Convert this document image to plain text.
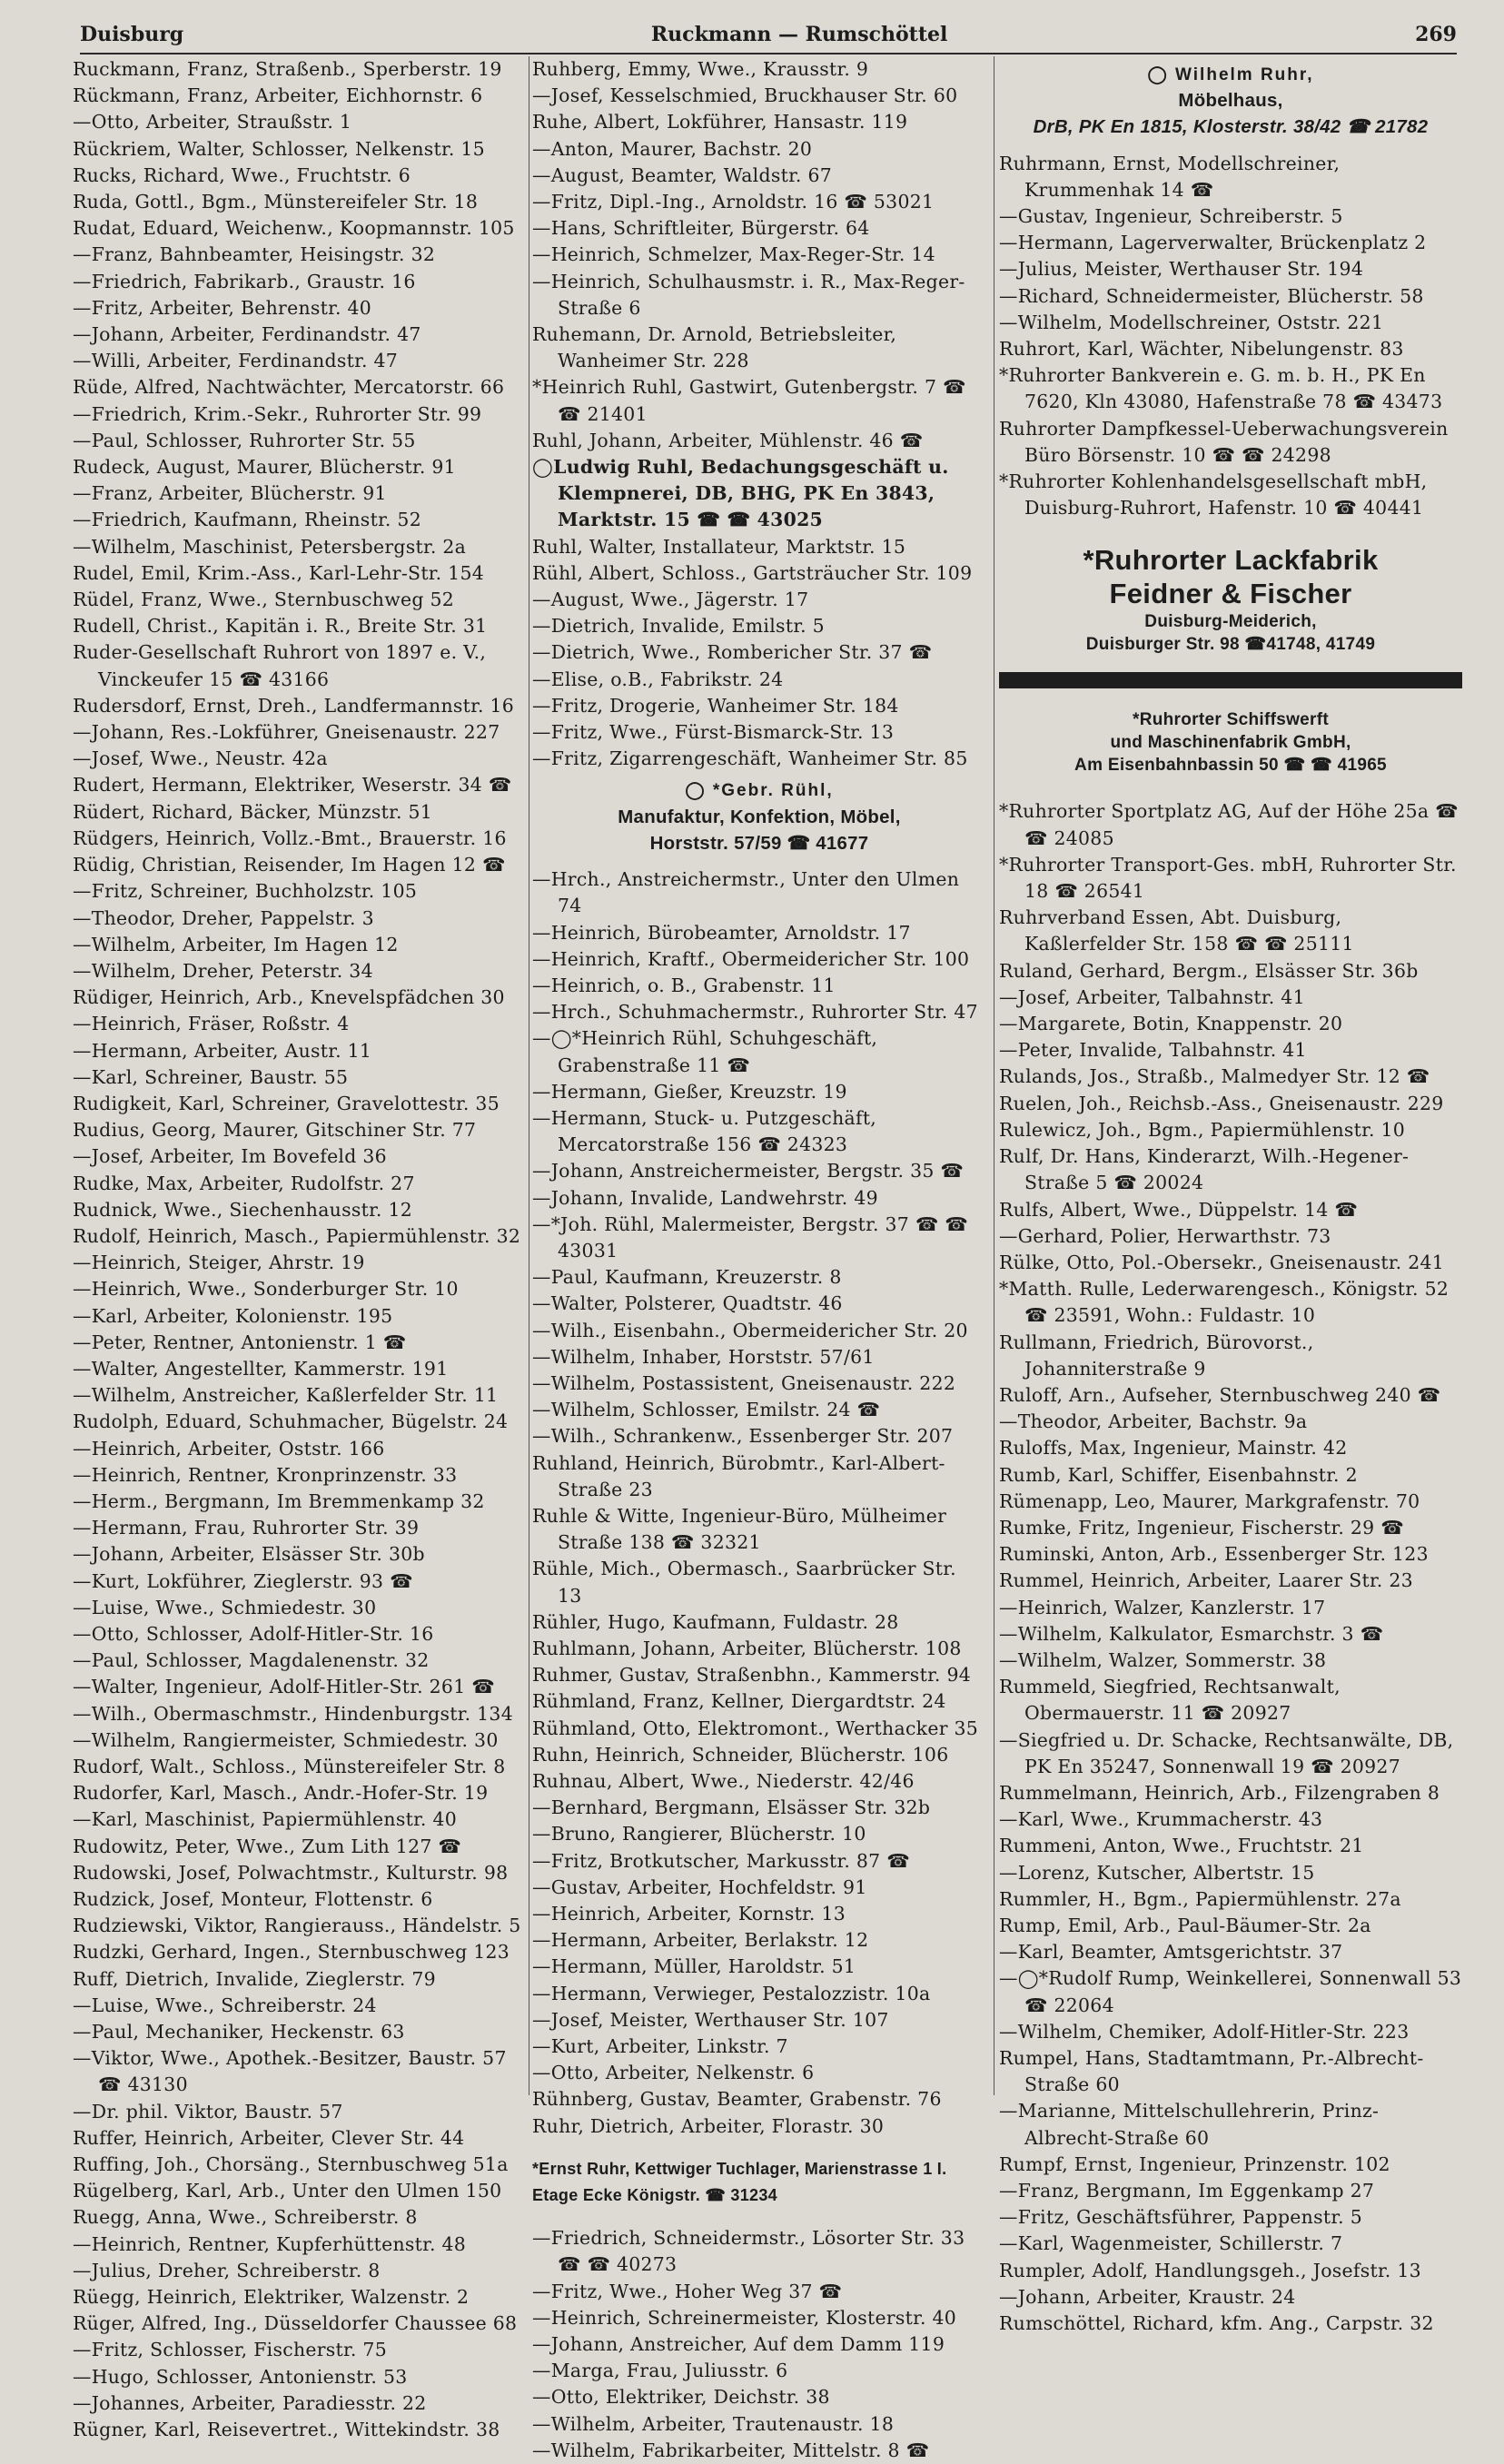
Duisburg	Ruckmann — Rumschöttel	269

Ruckmann, Franz, Straßenb., Sperberstr. 19

Rückmann, Franz, Arbeiter, Eichhornstr. 6

—Otto, Arbeiter, Straußstr. 1

Rückriem, Walter, Schlosser, Nelkenstr. 15

Rucks, Richard, Wwe., Fruchtstr. 6

Ruda, Gottl., Bgm., Münstereifeler Str. 18

Rudat, Eduard, Weichenw., Koopmannstr. 105

—Franz, Bahnbeamter, Heisingstr. 32

—Friedrich, Fabrikarb., Graustr. 16

—Fritz, Arbeiter, Behrenstr. 40

—Johann, Arbeiter, Ferdinandstr. 47

—Willi, Arbeiter, Ferdinandstr. 47

Rüde, Alfred, Nachtwächter, Mercatorstr. 66

—Friedrich, Krim.-Sekr., Ruhrorter Str. 99

—Paul, Schlosser, Ruhrorter Str. 55

Rudeck, August, Maurer, Blücherstr. 91

—Franz, Arbeiter, Blücherstr. 91

—Friedrich, Kaufmann, Rheinstr. 52

—Wilhelm, Maschinist, Petersbergstr. 2a

Rudel, Emil, Krim.-Ass., Karl-Lehr-Str. 154

Rüdel, Franz, Wwe., Sternbuschweg 52

Rudell, Christ., Kapitän i. R., Breite Str. 31

Ruder-Gesellschaft Ruhrort von 1897 e. V., Vinckeufer 15 ☎ 43166

Rudersdorf, Ernst, Dreh., Landfermannstr. 16

—Johann, Res.-Lokführer, Gneisenaustr. 227

—Josef, Wwe., Neustr. 42a

Rudert, Hermann, Elektriker, Weserstr. 34 ☎

Rüdert, Richard, Bäcker, Münzstr. 51

Rüdgers, Heinrich, Vollz.-Bmt., Brauerstr. 16

Rüdig, Christian, Reisender, Im Hagen 12 ☎

—Fritz, Schreiner, Buchholzstr. 105

—Theodor, Dreher, Pappelstr. 3

—Wilhelm, Arbeiter, Im Hagen 12

—Wilhelm, Dreher, Peterstr. 34

Rüdiger, Heinrich, Arb., Knevelspfädchen 30

—Heinrich, Fräser, Roßstr. 4

—Hermann, Arbeiter, Austr. 11

—Karl, Schreiner, Baustr. 55

Rudigkeit, Karl, Schreiner, Gravelottestr. 35

Rudius, Georg, Maurer, Gitschiner Str. 77

—Josef, Arbeiter, Im Bovefeld 36

Rudke, Max, Arbeiter, Rudolfstr. 27

Rudnick, Wwe., Siechenhausstr. 12

Rudolf, Heinrich, Masch., Papiermühlenstr. 32

—Heinrich, Steiger, Ahrstr. 19

—Heinrich, Wwe., Sonderburger Str. 10

—Karl, Arbeiter, Kolonienstr. 195

—Peter, Rentner, Antonienstr. 1 ☎

—Walter, Angestellter, Kammerstr. 191

—Wilhelm, Anstreicher, Kaßlerfelder Str. 11

Rudolph, Eduard, Schuhmacher, Bügelstr. 24

—Heinrich, Arbeiter, Oststr. 166

—Heinrich, Rentner, Kronprinzenstr. 33

—Herm., Bergmann, Im Bremmenkamp 32

—Hermann, Frau, Ruhrorter Str. 39

—Johann, Arbeiter, Elsässer Str. 30b

—Kurt, Lokführer, Zieglerstr. 93 ☎

—Luise, Wwe., Schmiedestr. 30

—Otto, Schlosser, Adolf-Hitler-Str. 16

—Paul, Schlosser, Magdalenenstr. 32

—Walter, Ingenieur, Adolf-Hitler-Str. 261 ☎

—Wilh., Obermaschmstr., Hindenburgstr. 134

—Wilhelm, Rangiermeister, Schmiedestr. 30

Rudorf, Walt., Schloss., Münstereifeler Str. 8

Rudorfer, Karl, Masch., Andr.-Hofer-Str. 19

—Karl, Maschinist, Papiermühlenstr. 40

Rudowitz, Peter, Wwe., Zum Lith 127 ☎

Rudowski, Josef, Polwachtmstr., Kulturstr. 98

Rudzick, Josef, Monteur, Flottenstr. 6

Rudziewski, Viktor, Rangierauss., Händelstr. 5

Rudzki, Gerhard, Ingen., Sternbuschweg 123

Ruff, Dietrich, Invalide, Zieglerstr. 79

—Luise, Wwe., Schreiberstr. 24

—Paul, Mechaniker, Heckenstr. 63

—Viktor, Wwe., Apothek.-Besitzer, Baustr. 57 ☎ 43130

—Dr. phil. Viktor, Baustr. 57

Ruffer, Heinrich, Arbeiter, Clever Str. 44

Ruffing, Joh., Chorsäng., Sternbuschweg 51a

Rügelberg, Karl, Arb., Unter den Ulmen 150

Ruegg, Anna, Wwe., Schreiberstr. 8

—Heinrich, Rentner, Kupferhüttenstr. 48

—Julius, Dreher, Schreiberstr. 8

Rüegg, Heinrich, Elektriker, Walzenstr. 2

Rüger, Alfred, Ing., Düsseldorfer Chaussee 68

—Fritz, Schlosser, Fischerstr. 75

—Hugo, Schlosser, Antonienstr. 53

—Johannes, Arbeiter, Paradiesstr. 22

Rügner, Karl, Reisevertret., Wittekindstr. 38

Ruhberg, Emmy, Wwe., Krausstr. 9

—Josef, Kesselschmied, Bruckhauser Str. 60

Ruhe, Albert, Lokführer, Hansastr. 119

—Anton, Maurer, Bachstr. 20

—August, Beamter, Waldstr. 67

—Fritz, Dipl.-Ing., Arnoldstr. 16 ☎ 53021

—Hans, Schriftleiter, Bürgerstr. 64

—Heinrich, Schmelzer, Max-Reger-Str. 14

—Heinrich, Schulhausmstr. i. R., Max-Reger-Straße 6

Ruhemann, Dr. Arnold, Betriebsleiter, Wanheimer Str. 228

*Heinrich Ruhl, Gastwirt, Gutenbergstr. 7 ☎ ☎ 21401

Ruhl, Johann, Arbeiter, Mühlenstr. 46 ☎

◯Ludwig Ruhl, Bedachungsgeschäft u. Klempnerei, DB, BHG, PK En 3843, Marktstr. 15 ☎ ☎ 43025

Ruhl, Walter, Installateur, Marktstr. 15

Rühl, Albert, Schloss., Gartsträucher Str. 109

—August, Wwe., Jägerstr. 17

—Dietrich, Invalide, Emilstr. 5

—Dietrich, Wwe., Rombericher Str. 37 ☎

—Elise, o.B., Fabrikstr. 24

—Fritz, Drogerie, Wanheimer Str. 184

—Fritz, Wwe., Fürst-Bismarck-Str. 13

—Fritz, Zigarrengeschäft, Wanheimer Str. 85

◯ *Gebr. Rühl,

Manufaktur, Konfektion, Möbel,

Horststr. 57/59 ☎ 41677

—Hrch., Anstreichermstr., Unter den Ulmen 74

—Heinrich, Bürobeamter, Arnoldstr. 17

—Heinrich, Kraftf., Obermeidericher Str. 100

—Heinrich, o. B., Grabenstr. 11

—Hrch., Schuhmachermstr., Ruhrorter Str. 47

—◯*Heinrich Rühl, Schuhgeschäft, Grabenstraße 11 ☎

—Hermann, Gießer, Kreuzstr. 19

—Hermann, Stuck- u. Putzgeschäft, Mercatorstraße 156 ☎ 24323

—Johann, Anstreichermeister, Bergstr. 35 ☎

—Johann, Invalide, Landwehrstr. 49

—*Joh. Rühl, Malermeister, Bergstr. 37 ☎ ☎ 43031

—Paul, Kaufmann, Kreuzerstr. 8

—Walter, Polsterer, Quadtstr. 46

—Wilh., Eisenbahn., Obermeidericher Str. 20

—Wilhelm, Inhaber, Horststr. 57/61

—Wilhelm, Postassistent, Gneisenaustr. 222

—Wilhelm, Schlosser, Emilstr. 24 ☎

—Wilh., Schrankenw., Essenberger Str. 207

Ruhland, Heinrich, Bürobmtr., Karl-Albert-Straße 23

Ruhle & Witte, Ingenieur-Büro, Mülheimer Straße 138 ☎ 32321

Rühle, Mich., Obermasch., Saarbrücker Str. 13

Rühler, Hugo, Kaufmann, Fuldastr. 28

Ruhlmann, Johann, Arbeiter, Blücherstr. 108

Ruhmer, Gustav, Straßenbhn., Kammerstr. 94

Rühmland, Franz, Kellner, Diergardtstr. 24

Rühmland, Otto, Elektromont., Werthacker 35

Ruhn, Heinrich, Schneider, Blücherstr. 106

Ruhnau, Albert, Wwe., Niederstr. 42/46

—Bernhard, Bergmann, Elsässer Str. 32b

—Bruno, Rangierer, Blücherstr. 10

—Fritz, Brotkutscher, Markusstr. 87 ☎

—Gustav, Arbeiter, Hochfeldstr. 91

—Heinrich, Arbeiter, Kornstr. 13

—Hermann, Arbeiter, Berlakstr. 12

—Hermann, Müller, Haroldstr. 51

—Hermann, Verwieger, Pestalozzistr. 10a

—Josef, Meister, Werthauser Str. 107

—Kurt, Arbeiter, Linkstr. 7

—Otto, Arbeiter, Nelkenstr. 6

Rühnberg, Gustav, Beamter, Grabenstr. 76

Ruhr, Dietrich, Arbeiter, Florastr. 30

*Ernst Ruhr, Kettwiger Tuchlager, Marienstrasse 1 I. Etage Ecke Königstr. ☎ 31234

—Friedrich, Schneidermstr., Lösorter Str. 33 ☎ ☎ 40273

—Fritz, Wwe., Hoher Weg 37 ☎

—Heinrich, Schreinermeister, Klosterstr. 40

—Johann, Anstreicher, Auf dem Damm 119

—Marga, Frau, Juliusstr. 6

—Otto, Elektriker, Deichstr. 38

—Wilhelm, Arbeiter, Trautenaustr. 18

—Wilhelm, Fabrikarbeiter, Mittelstr. 8 ☎

◯ Wilhelm Ruhr,

Möbelhaus,

DrB, PK En 1815, Klosterstr. 38/42 ☎ 21782

Ruhrmann, Ernst, Modellschreiner, Krummenhak 14 ☎

—Gustav, Ingenieur, Schreiberstr. 5

—Hermann, Lagerverwalter, Brückenplatz 2

—Julius, Meister, Werthauser Str. 194

—Richard, Schneidermeister, Blücherstr. 58

—Wilhelm, Modellschreiner, Oststr. 221

Ruhrort, Karl, Wächter, Nibelungenstr. 83

*Ruhrorter Bankverein e. G. m. b. H., PK En 7620, Kln 43080, Hafenstraße 78 ☎ 43473

Ruhrorter Dampfkessel-Ueberwachungsverein Büro Börsenstr. 10 ☎ ☎ 24298

*Ruhrorter Kohlenhandelsgesellschaft mbH, Duisburg-Ruhrort, Hafenstr. 10 ☎ 40441

*Ruhrorter Lackfabrik

Feidner & Fischer

Duisburg-Meiderich,

Duisburger Str. 98 ☎41748, 41749

*Ruhrorter Schiffswerft

und Maschinenfabrik GmbH,

Am Eisenbahnbassin 50 ☎ ☎ 41965

*Ruhrorter Sportplatz AG, Auf der Höhe 25a ☎ ☎ 24085

*Ruhrorter Transport-Ges. mbH, Ruhrorter Str. 18 ☎ 26541

Ruhrverband Essen, Abt. Duisburg, Kaßlerfelder Str. 158 ☎ ☎ 25111

Ruland, Gerhard, Bergm., Elsässer Str. 36b

—Josef, Arbeiter, Talbahnstr. 41

—Margarete, Botin, Knappenstr. 20

—Peter, Invalide, Talbahnstr. 41

Rulands, Jos., Straßb., Malmedyer Str. 12 ☎

Ruelen, Joh., Reichsb.-Ass., Gneisenaustr. 229

Rulewicz, Joh., Bgm., Papiermühlenstr. 10

Rulf, Dr. Hans, Kinderarzt, Wilh.-Hegener-Straße 5 ☎ 20024

Rulfs, Albert, Wwe., Düppelstr. 14 ☎

—Gerhard, Polier, Herwarthstr. 73

Rülke, Otto, Pol.-Obersekr., Gneisenaustr. 241

*Matth. Rulle, Lederwarengesch., Königstr. 52 ☎ 23591, Wohn.: Fuldastr. 10

Rullmann, Friedrich, Bürovorst., Johanniterstraße 9

Ruloff, Arn., Aufseher, Sternbuschweg 240 ☎

—Theodor, Arbeiter, Bachstr. 9a

Ruloffs, Max, Ingenieur, Mainstr. 42

Rumb, Karl, Schiffer, Eisenbahnstr. 2

Rümenapp, Leo, Maurer, Markgrafenstr. 70

Rumke, Fritz, Ingenieur, Fischerstr. 29 ☎

Ruminski, Anton, Arb., Essenberger Str. 123

Rummel, Heinrich, Arbeiter, Laarer Str. 23

—Heinrich, Walzer, Kanzlerstr. 17

—Wilhelm, Kalkulator, Esmarchstr. 3 ☎

—Wilhelm, Walzer, Sommerstr. 38

Rummeld, Siegfried, Rechtsanwalt, Obermauerstr. 11 ☎ 20927

—Siegfried u. Dr. Schacke, Rechtsanwälte, DB, PK En 35247, Sonnenwall 19 ☎ 20927

Rummelmann, Heinrich, Arb., Filzengraben 8

—Karl, Wwe., Krummacherstr. 43

Rummeni, Anton, Wwe., Fruchtstr. 21

—Lorenz, Kutscher, Albertstr. 15

Rummler, H., Bgm., Papiermühlenstr. 27a

Rump, Emil, Arb., Paul-Bäumer-Str. 2a

—Karl, Beamter, Amtsgerichtstr. 37

—◯*Rudolf Rump, Weinkellerei, Sonnenwall 53 ☎ 22064

—Wilhelm, Chemiker, Adolf-Hitler-Str. 223

Rumpel, Hans, Stadtamtmann, Pr.-Albrecht-Straße 60

—Marianne, Mittelschullehrerin, Prinz-Albrecht-Straße 60

Rumpf, Ernst, Ingenieur, Prinzenstr. 102

—Franz, Bergmann, Im Eggenkamp 27

—Fritz, Geschäftsführer, Pappenstr. 5

—Karl, Wagenmeister, Schillerstr. 7

Rumpler, Adolf, Handlungsgeh., Josefstr. 13

—Johann, Arbeiter, Kraustr. 24

Rumschöttel, Richard, kfm. Ang., Carpstr. 32
